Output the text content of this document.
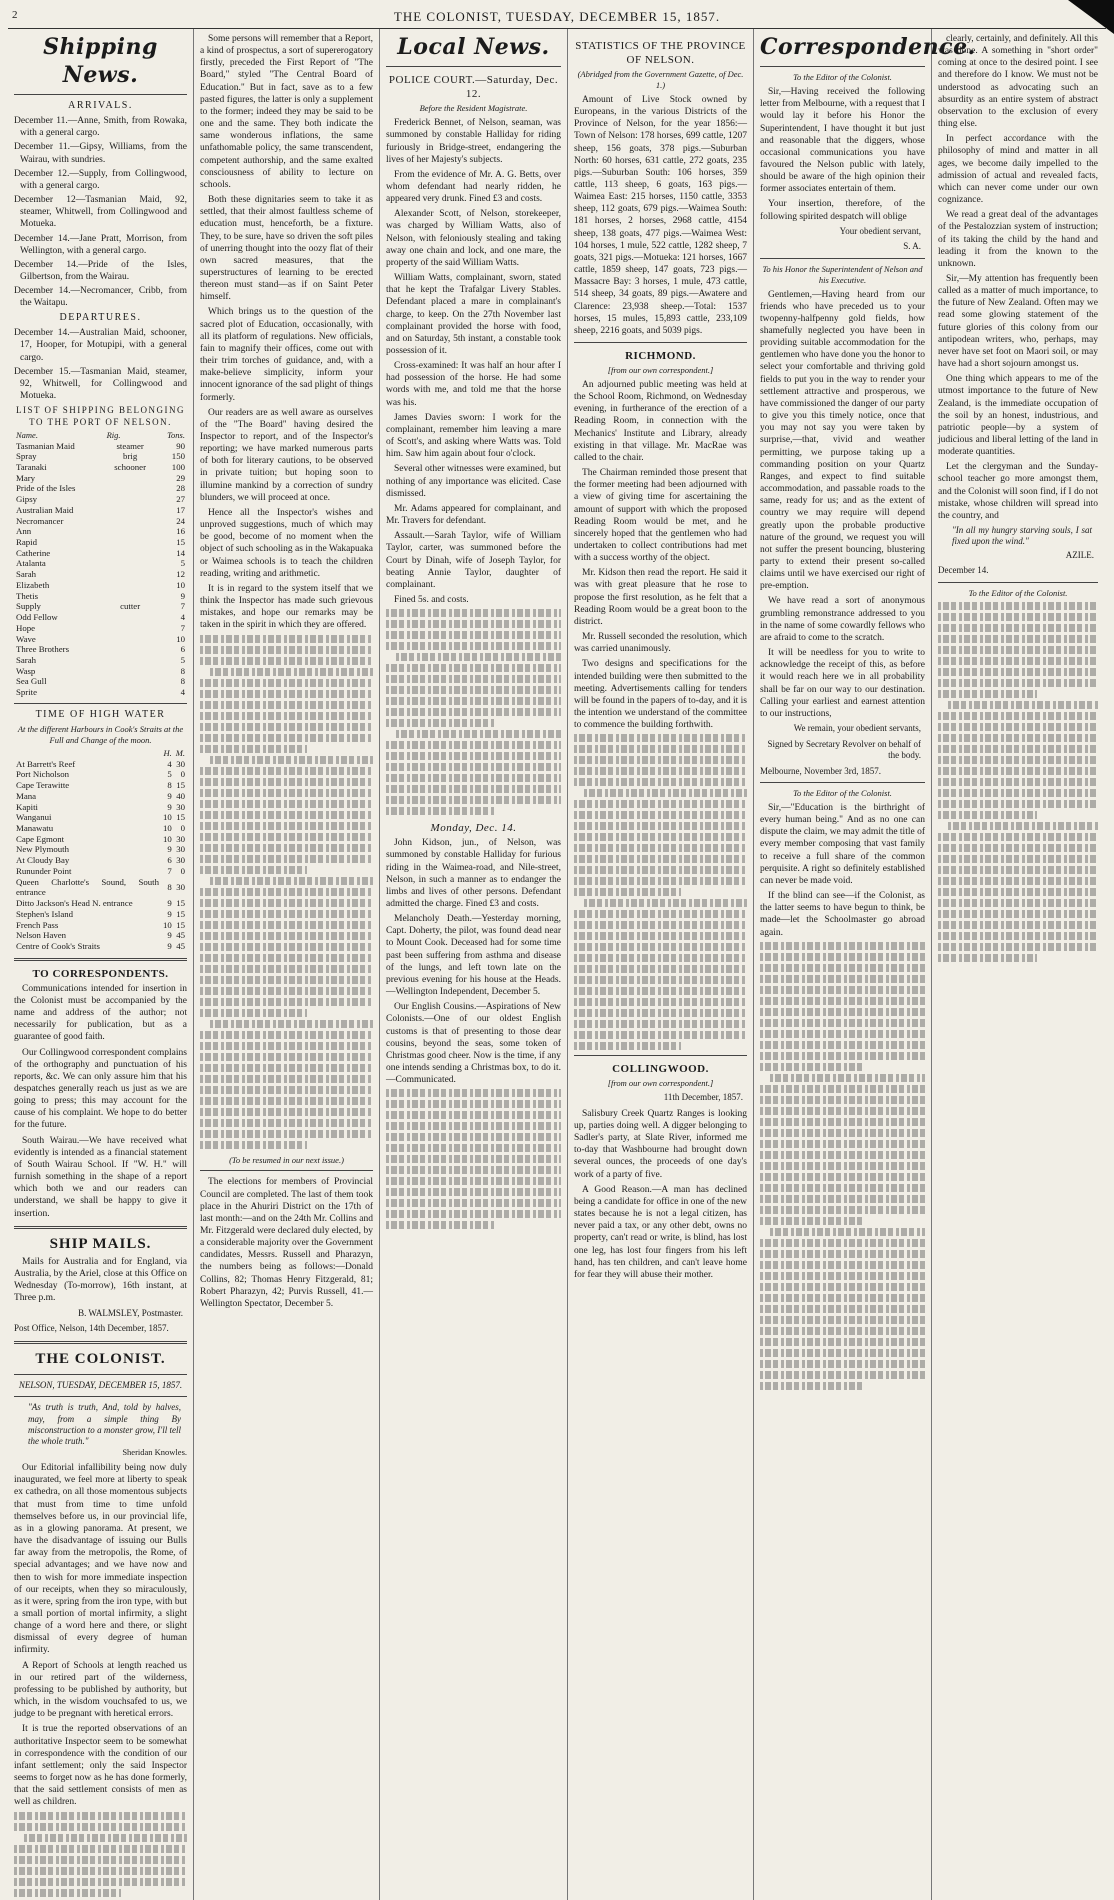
2	THE COLONIST, TUESDAY, DECEMBER 15, 1857.
Shipping News.
ARRIVALS.
December 11.—Anne, Smith, from Rowaka, with a general cargo.
December 11.—Gipsy, Williams, from the Wairau, with sundries.
December 12.—Supply, from Collingwood, with a general cargo.
December 12—Tasmanian Maid, 92, steamer, Whitwell, from Collingwood and Motueka.
December 14.—Jane Pratt, Morrison, from Wellington, with a general cargo.
December 14.—Pride of the Isles, Gilbertson, from the Wairau.
December 14.—Necromancer, Cribb, from the Waitapu.
DEPARTURES.
December 14.—Australian Maid, schooner, 17, Hooper, for Motupipi, with a general cargo.
December 15.—Tasmanian Maid, steamer, 92, Whitwell, for Collingwood and Motueka.
LIST OF SHIPPING BELONGING TO THE PORT OF NELSON.
Name.	Rig.	Tons.
Tasmanian Maid	steamer	90
Spray	brig	150
Taranaki	schooner	100
Mary		29
Pride of the Isles		28
Gipsy		27
Australian Maid		17
Necromancer		24
Ann		16
Rapid		15
Catherine		14
Atalanta		5
Sarah		12
Elizabeth		10
Thetis		9
Supply	cutter	7
Odd Fellow		4
Hope		7
Wave		10
Three Brothers		6
Sarah		5
Wasp		8
Sea Gull		8
Sprite		4
TIME OF HIGH WATER
At the different Harbours in Cook's Straits at the Full and Change of the moon.
	H.	M.
At Barrett's Reef	4	30
Port Nicholson	5	0
Cape Terawitte	8	15
Mana	9	40
Kapiti	9	30
Wanganui	10	15
Manawatu	10	0
Cape Egmont	10	30
New Plymouth	9	30
At Cloudy Bay	6	30
Rununder Point	7	0
Queen Charlotte's Sound, South entrance	8	30
Ditto Jackson's Head N. entrance	9	15
Stephen's Island	9	15
French Pass	10	15
Nelson Haven	9	45
Centre of Cook's Straits	9	45
TO CORRESPONDENTS.

Communications intended for insertion in the Colonist must be accompanied by the name and address of the author; not necessarily for publication, but as a guarantee of good faith.

Our Collingwood correspondent complains of the orthography and punctuation of his reports, &c. We can only assure him that his despatches generally reach us just as we are going to press; this may account for the cause of his complaint. We hope to do better for the future.

South Wairau.—We have received what evidently is intended as a financial statement of South Wairau School. If "W. H." will furnish something in the shape of a report which both we and our readers can understand, we shall be happy to give it insertion.

SHIP MAILS.

Mails for Australia and for England, via Australia, by the Ariel, close at this Office on Wednesday (To-morrow), 16th instant, at Three p.m.

B. WALMSLEY, Postmaster.
Post Office, Nelson, 14th December, 1857.
THE COLONIST.
NELSON, TUESDAY, DECEMBER 15, 1857.
"As truth is truth, And, told by halves, may, from a simple thing By misconstruction to a monster grow, I'll tell the whole truth."
Sheridan Knowles.

Our Editorial infallibility being now duly inaugurated, we feel more at liberty to speak ex cathedra, on all those momentous subjects that must from time to time unfold themselves before us, in our provincial life, as in a glowing panorama. At present, we have the disadvantage of issuing our Bulls far away from the metropolis, the Rome, of special advantages; and we have now and then to wish for more immediate inspection of our receipts, when they so miraculously, as it were, spring from the iron type, with but a small portion of mortal infirmity, a slight change of a word here and there, or slight dismissal of every degree of human infirmity.

A Report of Schools at length reached us in our retired part of the wilderness, professing to be published by authority, but which, in the wisdom vouchsafed to us, we judge to be pregnant with heretical errors.

It is true the reported observations of an authoritative Inspector seem to be somewhat in correspondence with the condition of our infant settlement; only the said Inspector seems to forget now as he has done formerly, that the said settlement consists of men as well as children.

Some persons will remember that a Report, a kind of prospectus, a sort of supererogatory firstly, preceded the First Report of "The Board," styled "The Central Board of Education." But in fact, save as to a few pasted figures, the latter is only a supplement to the former; indeed they may be said to be one and the same. They both indicate the same wonderous inflations, the same unfathomable policy, the same transcendent, competent authorship, and the same exalted consciousness of ability to lecture on schools.

Both these dignitaries seem to take it as settled, that their almost faultless scheme of education must, henceforth, be a fixture. They, to be sure, have so driven the soft piles of unerring thought into the oozy flat of their own sacred measures, that the superstructures of learning to be erected thereon must stand—as if on Saint Peter himself.

Which brings us to the question of the sacred plot of Education, occasionally, with all its platform of regulations. New officials, fain to magnify their offices, come out with their trim torches of guidance, and, with a make-believe simplicity, inform your innocent ignorance of the sad plight of things formerly.

Our readers are as well aware as ourselves of the "The Board" having desired the Inspector to report, and of the Inspector's reporting; we have marked numerous parts of both for literary cautions, to be observed in private tuition; but hoping soon to illumine mankind by a correction of sundry blunders, we will proceed at once.

Hence all the Inspector's wishes and unproved suggestions, much of which may be good, become of no moment when the object of such schooling as in the Wakapuaka or Waimea schools is to teach the children reading, writing and arithmetic.

It is in regard to the system itself that we think the Inspector has made such grievous mistakes, and hope our remarks may be taken in the spirit in which they are offered.

(To be resumed in our next issue.)

The elections for members of Provincial Council are completed. The last of them took place in the Ahuriri District on the 17th of last month:—and on the 24th Mr. Collins and Mr. Fitzgerald were declared duly elected, by a considerable majority over the Government candidates, Messrs. Russell and Pharazyn, the numbers being as follows:—Donald Collins, 82; Thomas Henry Fitzgerald, 81; Robert Pharazyn, 42; Purvis Russell, 41.—Wellington Spectator, December 5.

Local News.
POLICE COURT.—Saturday, Dec. 12.
Before the Resident Magistrate.

Frederick Bennet, of Nelson, seaman, was summoned by constable Halliday for riding furiously in Bridge-street, endangering the lives of her Majesty's subjects.

From the evidence of Mr. A. G. Betts, over whom defendant had nearly ridden, he appeared very drunk. Fined £3 and costs.

Alexander Scott, of Nelson, storekeeper, was charged by William Watts, also of Nelson, with feloniously stealing and taking away one chain and lock, and one mare, the property of the said William Watts.

William Watts, complainant, sworn, stated that he kept the Trafalgar Livery Stables. Defendant placed a mare in complainant's charge, to keep. On the 27th November last complainant provided the horse with food, and on Saturday, 5th instant, a constable took possession of it.

Cross-examined: It was half an hour after I had possession of the horse. He had some words with me, and told me that the horse was his.

James Davies sworn: I work for the complainant, remember him leaving a mare of Scott's, and asking where Watts was. Told him. Saw him again about four o'clock.

Several other witnesses were examined, but nothing of any importance was elicited. Case dismissed.

Mr. Adams appeared for complainant, and Mr. Travers for defendant.

Assault.—Sarah Taylor, wife of William Taylor, carter, was summoned before the Court by Dinah, wife of Joseph Taylor, for beating Annie Taylor, daughter of complainant.

Fined 5s. and costs.

Monday, Dec. 14.

John Kidson, jun., of Nelson, was summoned by constable Halliday for furious riding in the Waimea-road, and Nile-street, Nelson, in such a manner as to endanger the limbs and lives of other persons. Defendant admitted the charge. Fined £3 and costs.

Melancholy Death.—Yesterday morning, Capt. Doherty, the pilot, was found dead near to Mount Cook. Deceased had for some time past been suffering from asthma and disease of the lungs, and left town late on the previous evening for his house at the Heads.—Wellington Independent, December 5.

Our English Cousins.—Aspirations of New Colonists.—One of our oldest English customs is that of presenting to those dear cousins, beyond the seas, some token of Christmas good cheer. Now is the time, if any one intends sending a Christmas box, to do it.—Communicated.

STATISTICS OF THE PROVINCE OF NELSON.
(Abridged from the Government Gazette, of Dec. 1.)

Amount of Live Stock owned by Europeans, in the various Districts of the Province of Nelson, for the year 1856:—Town of Nelson: 178 horses, 699 cattle, 1207 sheep, 156 goats, 378 pigs.—Suburban North: 60 horses, 631 cattle, 272 goats, 235 pigs.—Suburban South: 106 horses, 359 cattle, 113 sheep, 6 goats, 163 pigs.—Waimea East: 215 horses, 1150 cattle, 3353 sheep, 112 goats, 679 pigs.—Waimea South: 181 horses, 2 horses, 2968 cattle, 4154 sheep, 138 goats, 477 pigs.—Waimea West: 104 horses, 1 mule, 522 cattle, 1282 sheep, 7 goats, 321 pigs.—Motueka: 121 horses, 1667 cattle, 1859 sheep, 147 goats, 723 pigs.—Massacre Bay: 3 horses, 1 mule, 473 cattle, 514 sheep, 34 goats, 89 pigs.—Awatere and Clarence: 23,938 sheep.—Total: 1537 horses, 15 mules, 15,893 cattle, 233,109 sheep, 2216 goats, and 5039 pigs.

RICHMOND.
[from our own correspondent.]

An adjourned public meeting was held at the School Room, Richmond, on Wednesday evening, in furtherance of the erection of a Reading Room, in connection with the Mechanics' Institute and Library, already existing in that village. Mr. MacRae was called to the chair.

The Chairman reminded those present that the former meeting had been adjourned with a view of giving time for ascertaining the amount of support with which the proposed Reading Room would be met, and he sincerely hoped that the gentlemen who had undertaken to collect contributions had met with a success worthy of the object.

Mr. Kidson then read the report. He said it was with great pleasure that he rose to propose the first resolution, as he felt that a Reading Room would be a great boon to the district.

Mr. Russell seconded the resolution, which was carried unanimously.

Two designs and specifications for the intended building were then submitted to the meeting. Advertisements calling for tenders will be found in the papers of to-day, and it is the intention we understand of the committee to commence the building forthwith.

COLLINGWOOD.
[from our own correspondent.]
11th December, 1857.

Salisbury Creek Quartz Ranges is looking up, parties doing well. A digger belonging to Sadler's party, at Slate River, informed me to-day that Washbourne had brought down several ounces, the proceeds of one day's work of a party of five.

A Good Reason.—A man has declined being a candidate for office in one of the new states because he is not a legal citizen, has never paid a tax, or any other debt, owns no property, can't read or write, is blind, has lost one leg, has lost four fingers from his left hand, has ten children, and can't leave home for fear they will abuse their mother.

Correspondence.
To the Editor of the Colonist.

Sir,—Having received the following letter from Melbourne, with a request that I would lay it before his Honor the Superintendent, I have thought it but just and reasonable that the diggers, whose occasional communications you have favoured the Nelson public with lately, should be aware of the high opinion their former associates entertain of them.

Your insertion, therefore, of the following spirited despatch will oblige

Your obedient servant,
S. A.
To his Honor the Superintendent of Nelson and his Executive.

Gentlemen,—Having heard from our friends who have preceded us to your twopenny-halfpenny gold fields, how shamefully neglected you have been in providing suitable accommodation for the gentlemen who have done you the honor to select your comfortable and thriving gold fields to put you in the way to render your settlement attractive and prosperous, we have commissioned the danger of our party to give you this timely notice, once that you may not say you were taken by surprise,—that, vivid and weather permitting, we purpose taking up a commanding position on your Quartz Ranges, and expect to find suitable accommodation, and passable roads to the same, ready for us; and as the extent of country we may require will depend greatly upon the probable productive nature of the ground, we request you will not suffer the present bouncing, blustering party to extend their present so-called claims until we have exercised our right of pre-emption.

We have read a sort of anonymous grumbling remonstrance addressed to you in the name of some cowardly fellows who are afraid to come to the scratch.

It will be needless for you to write to acknowledge the receipt of this, as before it would reach here we in all probability shall be far on our way to our destination. Calling your earliest and earnest attention to our instructions,

We remain, your obedient servants,
Signed by Secretary Revolver on behalf of the body.
Melbourne, November 3rd, 1857.
To the Editor of the Colonist.

Sir,—"Education is the birthright of every human being." And as no one can dispute the claim, we may admit the title of every member composing that vast family to receive a full share of the common perquisite. A right so definitely established can never be made void.

If the blind can see—if the Colonist, as the latter seems to have begun to think, be made—let the Schoolmaster go abroad again.

clearly, certainly, and definitely. All this was done. A something in "short order" coming at once to the desired point. I see and therefore do I know. We must not be understood as advocating such an absurdity as an entire system of abstract observation to the exclusion of every thing else.

In perfect accordance with the philosophy of mind and matter in all ages, we become daily impelled to the admission of actual and revealed facts, which can never come under our own cognizance.

We read a great deal of the advantages of the Pestalozzian system of instruction; of its taking the child by the hand and leading it from the known to the unknown.

Sir,—My attention has frequently been called as a matter of much importance, to the future of New Zealand. Often may we read some glowing statement of the future glories of this colony from our antipodean writers, who, perhaps, may never have set foot on Maori soil, or may have had a short sojourn amongst us.

One thing which appears to me of the utmost importance to the future of New Zealand, is the immediate occupation of the soil by an honest, industrious, and patriotic people—by a system of judicious and liberal letting of the land in moderate quantities.

Let the clergyman and the Sunday-school teacher go more amongst them, and the Colonist will soon find, if I do not mistake, whose children will spread into the country, and

"In all my hungry starving souls, I sat fixed upon the wind."
AZILE.
December 14.
To the Editor of the Colonist.
